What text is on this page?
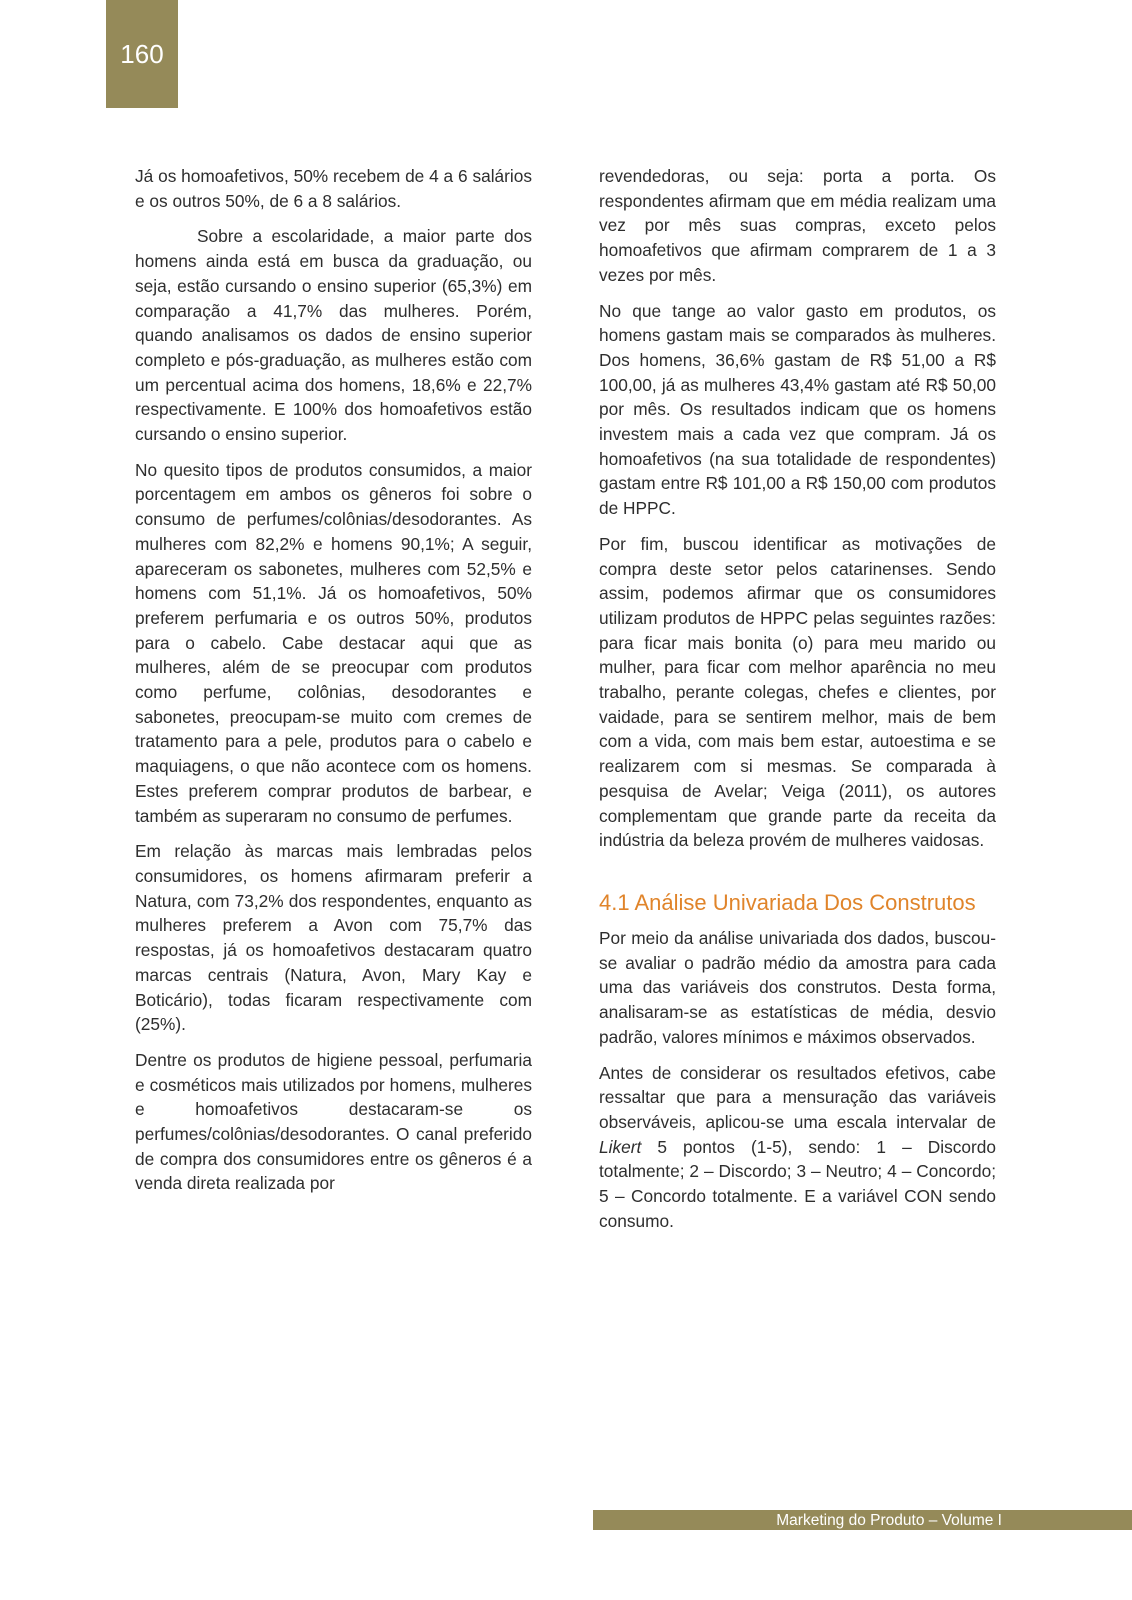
160

Já os homoafetivos, 50% recebem de 4 a 6 salários e os outros 50%, de 6 a 8 salários.

Sobre a escolaridade, a maior parte dos homens ainda está em busca da graduação, ou seja, estão cursando o ensino superior (65,3%) em comparação a 41,7% das mulheres. Porém, quando analisamos os dados de ensino superior completo e pós-graduação, as mulheres estão com um percentual acima dos homens, 18,6% e 22,7% respectivamente. E 100% dos homoafetivos estão cursando o ensino superior.

No quesito tipos de produtos consumidos, a maior porcentagem em ambos os gêneros foi sobre o consumo de perfumes/colônias/desodorantes. As mulheres com 82,2% e homens 90,1%; A seguir, apareceram os sabonetes, mulheres com 52,5% e homens com 51,1%. Já os homoafetivos, 50% preferem perfumaria e os outros 50%, produtos para o cabelo. Cabe destacar aqui que as mulheres, além de se preocupar com produtos como perfume, colônias, desodorantes e sabonetes, preocupam-se muito com cremes de tratamento para a pele, produtos para o cabelo e maquiagens, o que não acontece com os homens. Estes preferem comprar produtos de barbear, e também as superaram no consumo de perfumes.

Em relação às marcas mais lembradas pelos consumidores, os homens afirmaram preferir a Natura, com 73,2% dos respondentes, enquanto as mulheres preferem a Avon com 75,7% das respostas, já os homoafetivos destacaram quatro marcas centrais (Natura, Avon, Mary Kay e Boticário), todas ficaram respectivamente com (25%).

Dentre os produtos de higiene pessoal, perfumaria e cosméticos mais utilizados por homens, mulheres e homoafetivos destacaram-se os perfumes/colônias/desodorantes. O canal preferido de compra dos consumidores entre os gêneros é a venda direta realizada por

revendedoras, ou seja: porta a porta. Os respondentes afirmam que em média realizam uma vez por mês suas compras, exceto pelos homoafetivos que afirmam comprarem de 1 a 3 vezes por mês.

No que tange ao valor gasto em produtos, os homens gastam mais se comparados às mulheres. Dos homens, 36,6% gastam de R$ 51,00 a R$ 100,00, já as mulheres 43,4% gastam até R$ 50,00 por mês. Os resultados indicam que os homens investem mais a cada vez que compram. Já os homoafetivos (na sua totalidade de respondentes) gastam entre R$ 101,00 a R$ 150,00 com produtos de HPPC.

Por fim, buscou identificar as motivações de compra deste setor pelos catarinenses. Sendo assim, podemos afirmar que os consumidores utilizam produtos de HPPC pelas seguintes razões: para ficar mais bonita (o) para meu marido ou mulher, para ficar com melhor aparência no meu trabalho, perante colegas, chefes e clientes, por vaidade, para se sentirem melhor, mais de bem com a vida, com mais bem estar, autoestima e se realizarem com si mesmas. Se comparada à pesquisa de Avelar; Veiga (2011), os autores complementam que grande parte da receita da indústria da beleza provém de mulheres vaidosas.

4.1 Análise Univariada Dos Construtos

Por meio da análise univariada dos dados, buscou-se avaliar o padrão médio da amostra para cada uma das variáveis dos construtos. Desta forma, analisaram-se as estatísticas de média, desvio padrão, valores mínimos e máximos observados.

Antes de considerar os resultados efetivos, cabe ressaltar que para a mensuração das variáveis observáveis, aplicou-se uma escala intervalar de Likert 5 pontos (1-5), sendo: 1 – Discordo totalmente; 2 – Discordo; 3 – Neutro; 4 – Concordo; 5 – Concordo totalmente. E a variável CON sendo consumo.

Marketing do Produto – Volume I
